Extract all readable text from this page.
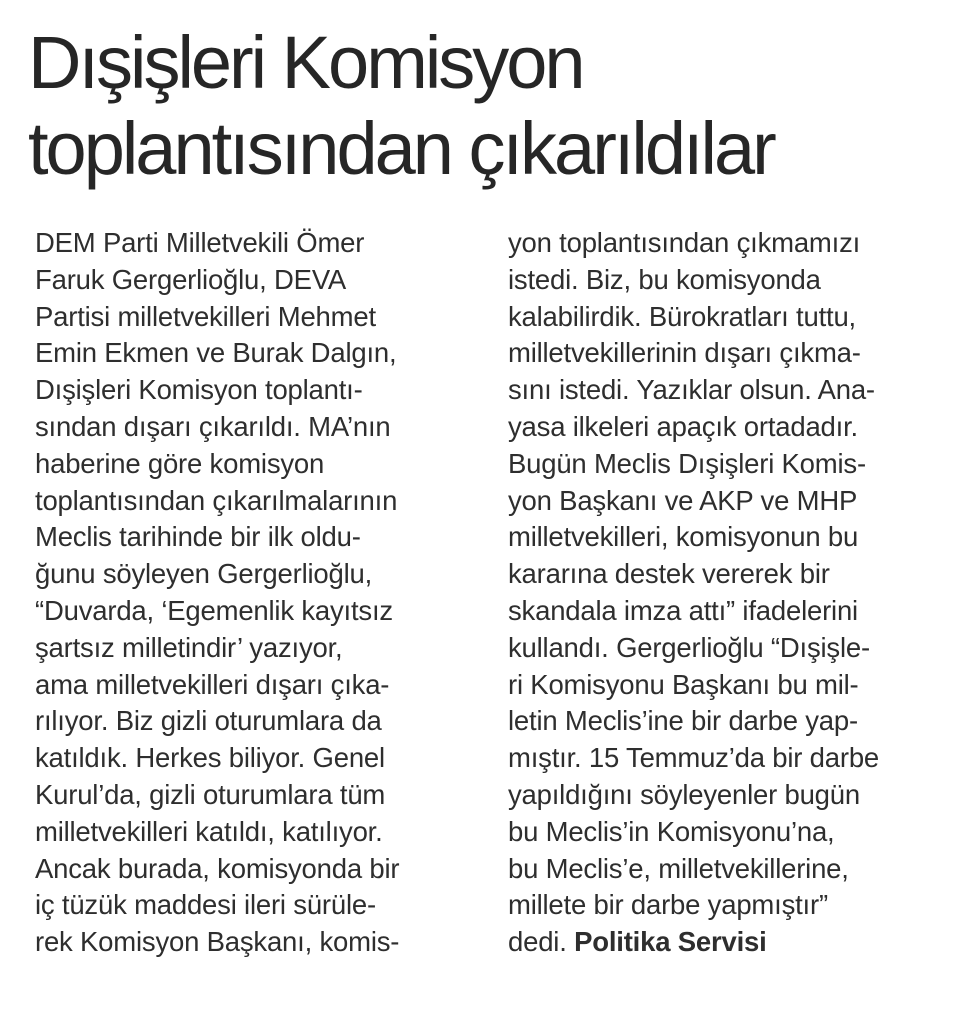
Dışişleri Komisyon
toplantısından çıkarıldılar
DEM Parti Milletvekili Ömer
Faruk Gergerlioğlu, DEVA
Partisi milletvekilleri Mehmet
Emin Ekmen ve Burak Dalgın,
Dışişleri Komisyon toplantı-
sından dışarı çıkarıldı. MA’nın
haberine göre komisyon
toplantısından çıkarılmalarının
Meclis tarihinde bir ilk oldu-
ğunu söyleyen Gergerlioğlu,
“Duvarda, ‘Egemenlik kayıtsız
şartsız milletindir’ yazıyor,
ama milletvekilleri dışarı çıka-
rılıyor. Biz gizli oturumlara da
katıldık. Herkes biliyor. Genel
Kurul’da, gizli oturumlara tüm
milletvekilleri katıldı, katılıyor.
Ancak burada, komisyonda bir
iç tüzük maddesi ileri sürüle-
rek Komisyon Başkanı, komis-
yon toplantısından çıkmamızı
istedi. Biz, bu komisyonda
kalabilirdik. Bürokratları tuttu,
milletvekillerinin dışarı çıkma-
sını istedi. Yazıklar olsun. Ana-
yasa ilkeleri apaçık ortadadır.
Bugün Meclis Dışişleri Komis-
yon Başkanı ve AKP ve MHP
milletvekilleri, komisyonun bu
kararına destek vererek bir
skandala imza attı” ifadelerini
kullandı. Gergerlioğlu “Dışişle-
ri Komisyonu Başkanı bu mil-
letin Meclis’ine bir darbe yap-
mıştır. 15 Temmuz’da bir darbe
yapıldığını söyleyenler bugün
bu Meclis’in Komisyonu’na,
bu Meclis’e, milletvekillerine,
millete bir darbe yapmıştır”
dedi. Politika Servisi
